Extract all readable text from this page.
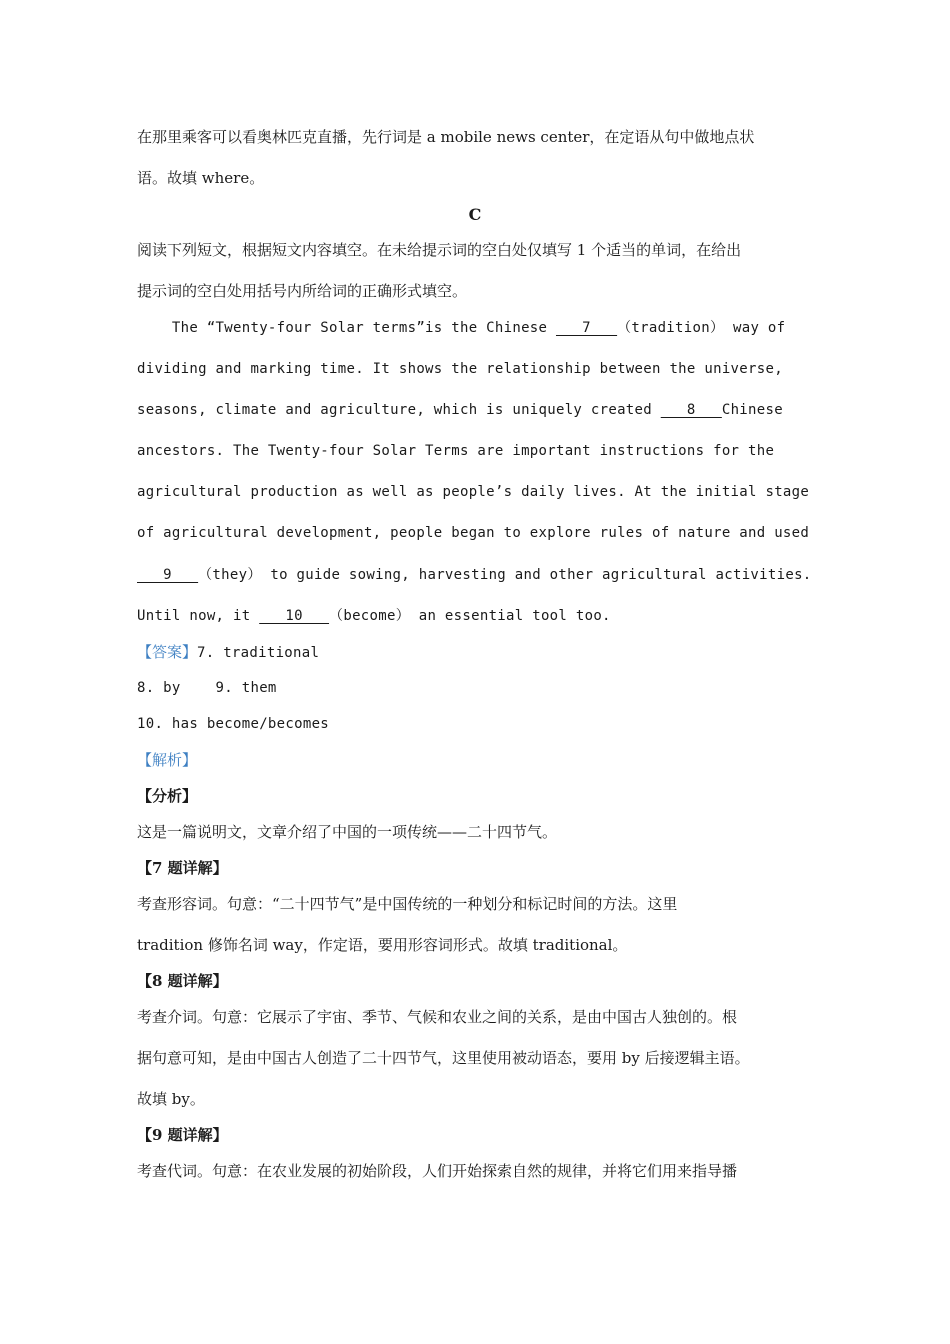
在那里乘客可以看奥林匹克直播，先行词是 a mobile news center，在定语从句中做地点状
语。故填 where。
C
阅读下列短文，根据短文内容填空。在未给提示词的空白处仅填写 1 个适当的单词，在给出
提示词的空白处用括号内所给词的正确形式填空。
The “Twenty-four Solar terms”is the Chinese    7   （tradition） way of
dividing and marking time. It shows the relationship between the universe,
seasons, climate and agriculture, which is uniquely created    8   Chinese
ancestors. The Twenty-four Solar Terms are important instructions for the
agricultural production as well as people’s daily lives. At the initial stage
of agricultural development, people began to explore rules of nature and used
9   （they） to guide sowing, harvesting and other agricultural activities.
Until now, it    10   （become） an essential tool too.
【答案】7. traditional
8. by    9. them
10. has become/becomes
【解析】
【分析】
这是一篇说明文，文章介绍了中国的一项传统——二十四节气。
【7 题详解】
考查形容词。句意：“二十四节气”是中国传统的一种划分和标记时间的方法。这里
tradition 修饰名词 way，作定语，要用形容词形式。故填 traditional。
【8 题详解】
考查介词。句意：它展示了宇宙、季节、气候和农业之间的关系，是由中国古人独创的。根
据句意可知，是由中国古人创造了二十四节气，这里使用被动语态，要用 by 后接逻辑主语。
故填 by。
【9 题详解】
考查代词。句意：在农业发展的初始阶段，人们开始探索自然的规律，并将它们用来指导播
